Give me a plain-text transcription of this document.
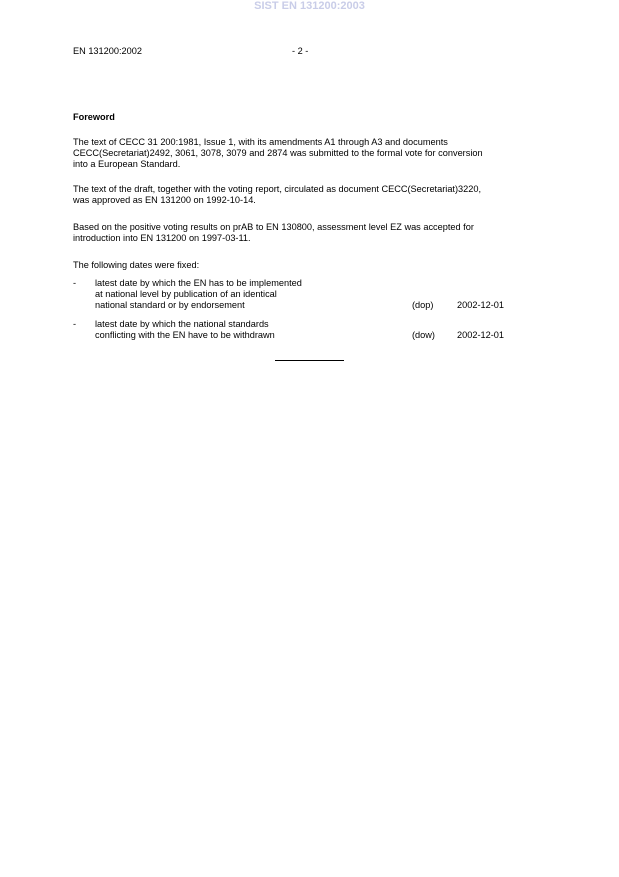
SIST EN 131200:2003
EN 131200:2002	- 2 -
Foreword
The text of CECC 31 200:1981, Issue 1, with its amendments A1 through A3 and documents
CECC(Secretariat)2492, 3061, 3078, 3079 and 2874 was submitted to the formal vote for conversion
into a European Standard.
The text of the draft, together with the voting report, circulated as document CECC(Secretariat)3220,
was approved as EN 131200 on 1992-10-14.
Based on the positive voting results on prAB to EN 130800, assessment level EZ was accepted for
introduction into EN 131200 on 1997-03-11.
The following dates were fixed:
- latest date by which the EN has to be implemented
at national level by publication of an identical
national standard or by endorsement	(dop)	2002-12-01
- latest date by which the national standards
conflicting with the EN have to be withdrawn	(dow) 2002-12-01
